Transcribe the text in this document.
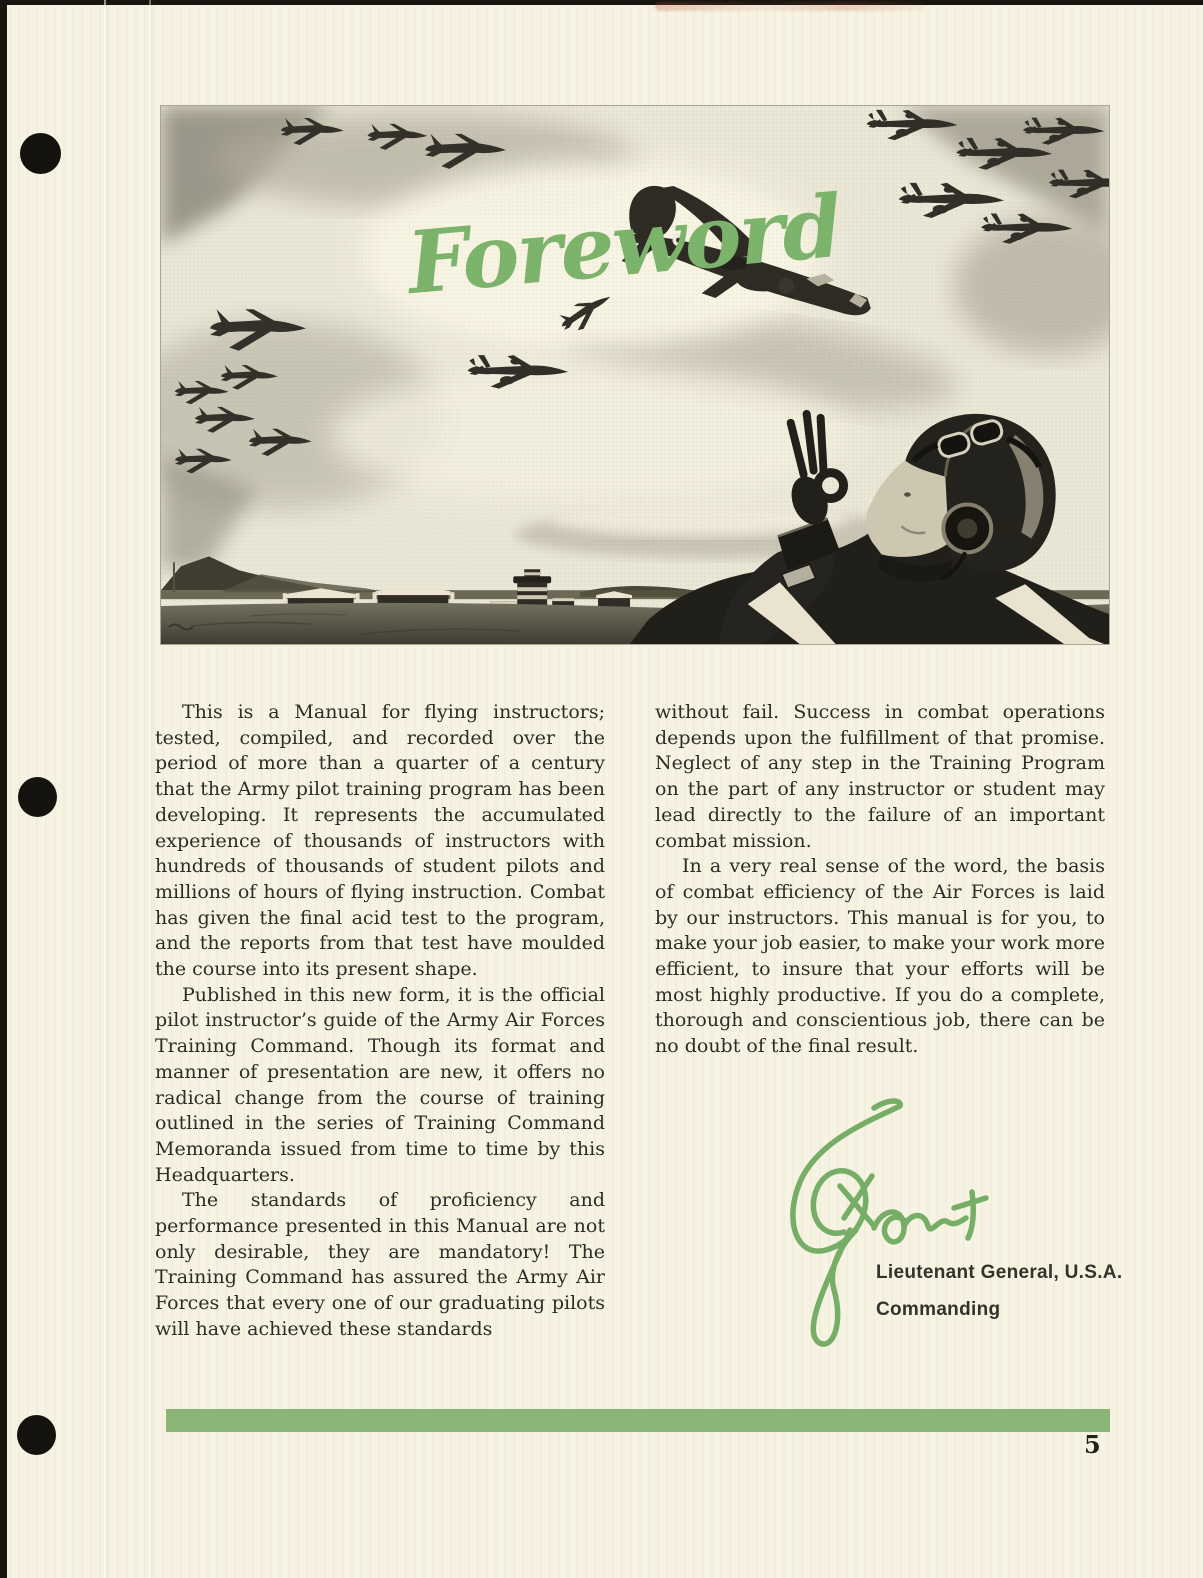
This is a Manual for flying instructors; tested, compiled, and recorded over the period of more than a quarter of a century that the Army pilot training program has been developing. It represents the accumulated experience of thousands of instructors with hundreds of thousands of student pilots and millions of hours of flying instruction. Combat has given the final acid test to the program, and the reports from that test have moulded the course into its present shape.

Published in this new form, it is the official pilot instructor’s guide of the Army Air Forces Training Command. Though its format and manner of presentation are new, it offers no radical change from the course of training outlined in the series of Training Command Memoranda issued from time to time by this Headquarters.

The standards of proficiency and performance presented in this Manual are not only desirable, they are mandatory! The Training Command has assured the Army Air Forces that every one of our graduating pilots will have achieved these standards

without fail. Success in combat operations depends upon the fulfillment of that promise. Neglect of any step in the Training Program on the part of any instructor or student may lead directly to the failure of an important combat mission.

In a very real sense of the word, the basis of combat efficiency of the Air Forces is laid by our instructors. This manual is for you, to make your job easier, to make your work more efficient, to insure that your efforts will be most highly productive. If you do a complete, thorough and conscientious job, there can be no doubt of the final result.

Lieutenant General, U.S.A.
Commanding
5
